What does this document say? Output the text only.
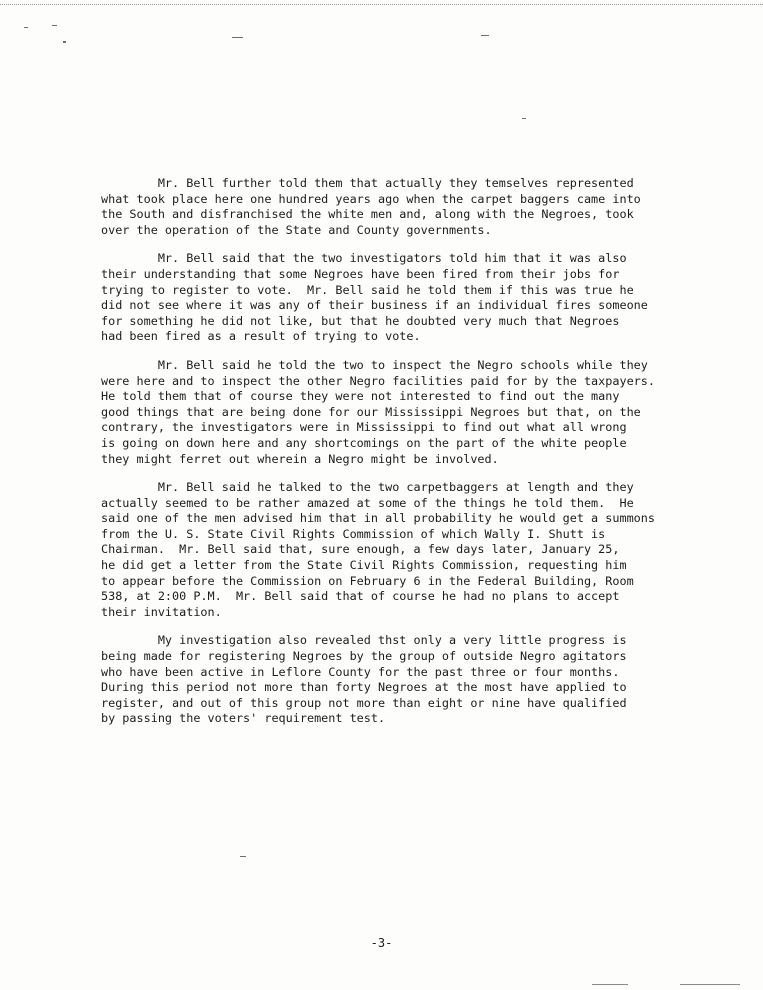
Mr. Bell further told them that actually they temselves represented
what took place here one hundred years ago when the carpet baggers came into
the South and disfranchised the white men and, along with the Negroes, took
over the operation of the State and County governments.
Mr. Bell said that the two investigators told him that it was also
their understanding that some Negroes have been fired from their jobs for
trying to register to vote.  Mr. Bell said he told them if this was true he
did not see where it was any of their business if an individual fires someone
for something he did not like, but that he doubted very much that Negroes
had been fired as a result of trying to vote.
Mr. Bell said he told the two to inspect the Negro schools while they
were here and to inspect the other Negro facilities paid for by the taxpayers.
He told them that of course they were not interested to find out the many
good things that are being done for our Mississippi Negroes but that, on the
contrary, the investigators were in Mississippi to find out what all wrong
is going on down here and any shortcomings on the part of the white people
they might ferret out wherein a Negro might be involved.
Mr. Bell said he talked to the two carpetbaggers at length and they
actually seemed to be rather amazed at some of the things he told them.  He
said one of the men advised him that in all probability he would get a summons
from the U. S. State Civil Rights Commission of which Wally I. Shutt is
Chairman.  Mr. Bell said that, sure enough, a few days later, January 25,
he did get a letter from the State Civil Rights Commission, requesting him
to appear before the Commission on February 6 in the Federal Building, Room
538, at 2:00 P.M.  Mr. Bell said that of course he had no plans to accept
their invitation.
My investigation also revealed thst only a very little progress is
being made for registering Negroes by the group of outside Negro agitators
who have been active in Leflore County for the past three or four months.
During this period not more than forty Negroes at the most have applied to
register, and out of this group not more than eight or nine have qualified
by passing the voters' requirement test.
-3-
